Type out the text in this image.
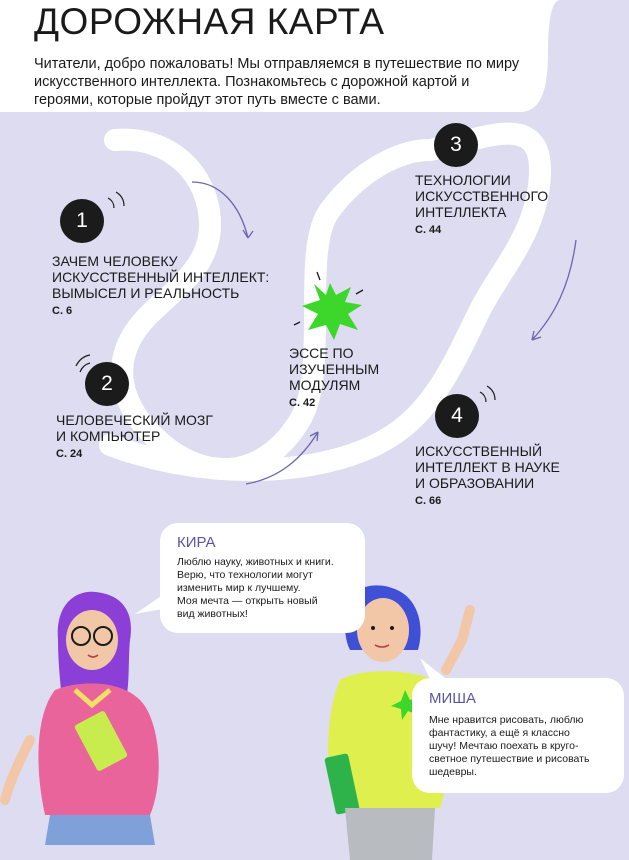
ДОРОЖНАЯ КАРТА

Читатели, добро пожаловать! Мы отправляемся в путешествие по миру искусственного интеллекта. Познакомьтесь с дорожной картой и героями, которые пройдут этот путь вместе с вами.

1
ЗАЧЕМ ЧЕЛОВЕКУ
ИСКУССТВЕННЫЙ ИНТЕЛЛЕКТ:
ВЫМЫСЕЛ И РЕАЛЬНОСТЬ
С. 6
2
ЧЕЛОВЕЧЕСКИЙ МОЗГ
И КОМПЬЮТЕР
С. 24
ЭССЕ ПО
ИЗУЧЕННЫМ
МОДУЛЯМ
С. 42
3
ТЕХНОЛОГИИ
ИСКУССТВЕННОГО
ИНТЕЛЛЕКТА
С. 44
4
ИСКУССТВЕННЫЙ
ИНТЕЛЛЕКТ В НАУКЕ
И ОБРАЗОВАНИИ
С. 66
КИРА
Люблю науку, животных и книги.
Верю, что технологии могут
изменить мир к лучшему.
Моя мечта — открыть новый
вид животных!
МИША
Мне нравится рисовать, люблю
фантастику, а ещё я классно
шучу! Мечтаю поехать в круго-
светное путешествие и рисовать
шедевры.
